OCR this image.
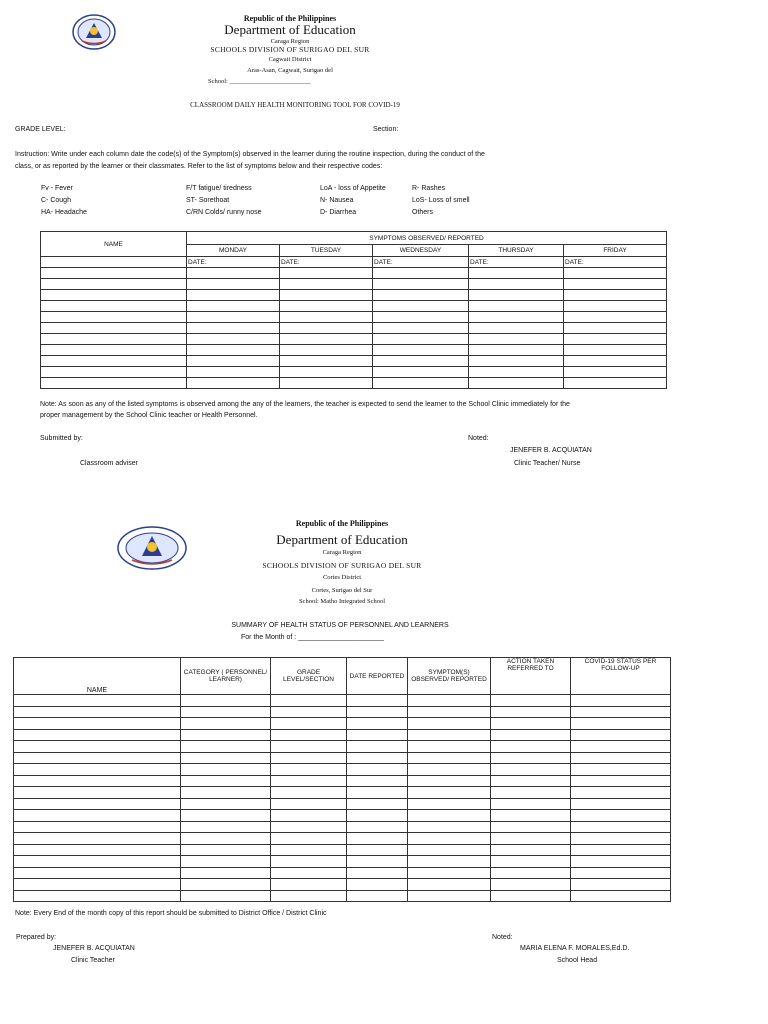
Republic of the Philippines
Department of Education
Caraga Region
SCHOOLS DIVISION OF SURIGAO DEL SUR
Cagwait District
Aras-Asan, Cagwait, Surigao del
School: _________________________
CLASSROOM DAILY HEALTH MONITORING TOOL FOR COVID-19
GRADE LEVEL:	Section:
Instruction: Write under each column date the code(s) of the Symptom(s) observed in the learner during the routine inspection, during the conduct of the
class, or as reported by the learner or their classmates. Refer to the list of symptoms below and their respective codes:
Fv - Fever	F/T fatigue/ tiredness	LoA - loss of Appetite	R- Rashes
C- Cough	ST- Sorethoat	N- Nausea	LoS- Loss of smell
HA- Headache	C/RN Colds/ runny nose	D- Diarrhea	Others
NAME	SYMPTOMS OBSERVED/ REPORTED				
	MONDAY	TUESDAY	WEDNESDAY	THURSDAY	FRIDAY
	DATE:	DATE:	DATE:	DATE:	DATE:

Note: As soon as any of the listed symptoms is observed among the any of the learners, the teacher is expected to send the learner to the School Clinic immediately for the
proper management by the School Clinic teacher or Health Personnel.
Submitted by:
Classroom adviser
Noted:
JENEFER B. ACQUIATAN
Clinic Teacher/ Nurse
Republic of the Philippines
Department of Education
Caraga Region
SCHOOLS DIVISION OF SURIGAO DEL SUR
Cortes District
Cortes, Surigao del Sur
School: Matho Integrated School
SUMMARY OF HEALTH STATUS OF PERSONNEL AND LEARNERS
For the Month of : ______________________
NAME	CATEGORY ( PERSONNEL/ LEARNER)	GRADE LEVEL/SECTION	DATE REPORTED	SYMPTOM(S) OBSERVED/ REPORTED	ACTION TAKEN REFERRED TO	COVID-19 STATUS PER FOLLOW-UP

Note: Every End of the month copy of this report should be submitted to District Office / District Clinic
Prepared by:
JENEFER B. ACQUIATAN
Clinic Teacher
Noted:
MARIA ELENA F. MORALES,Ed.D.
School Head
